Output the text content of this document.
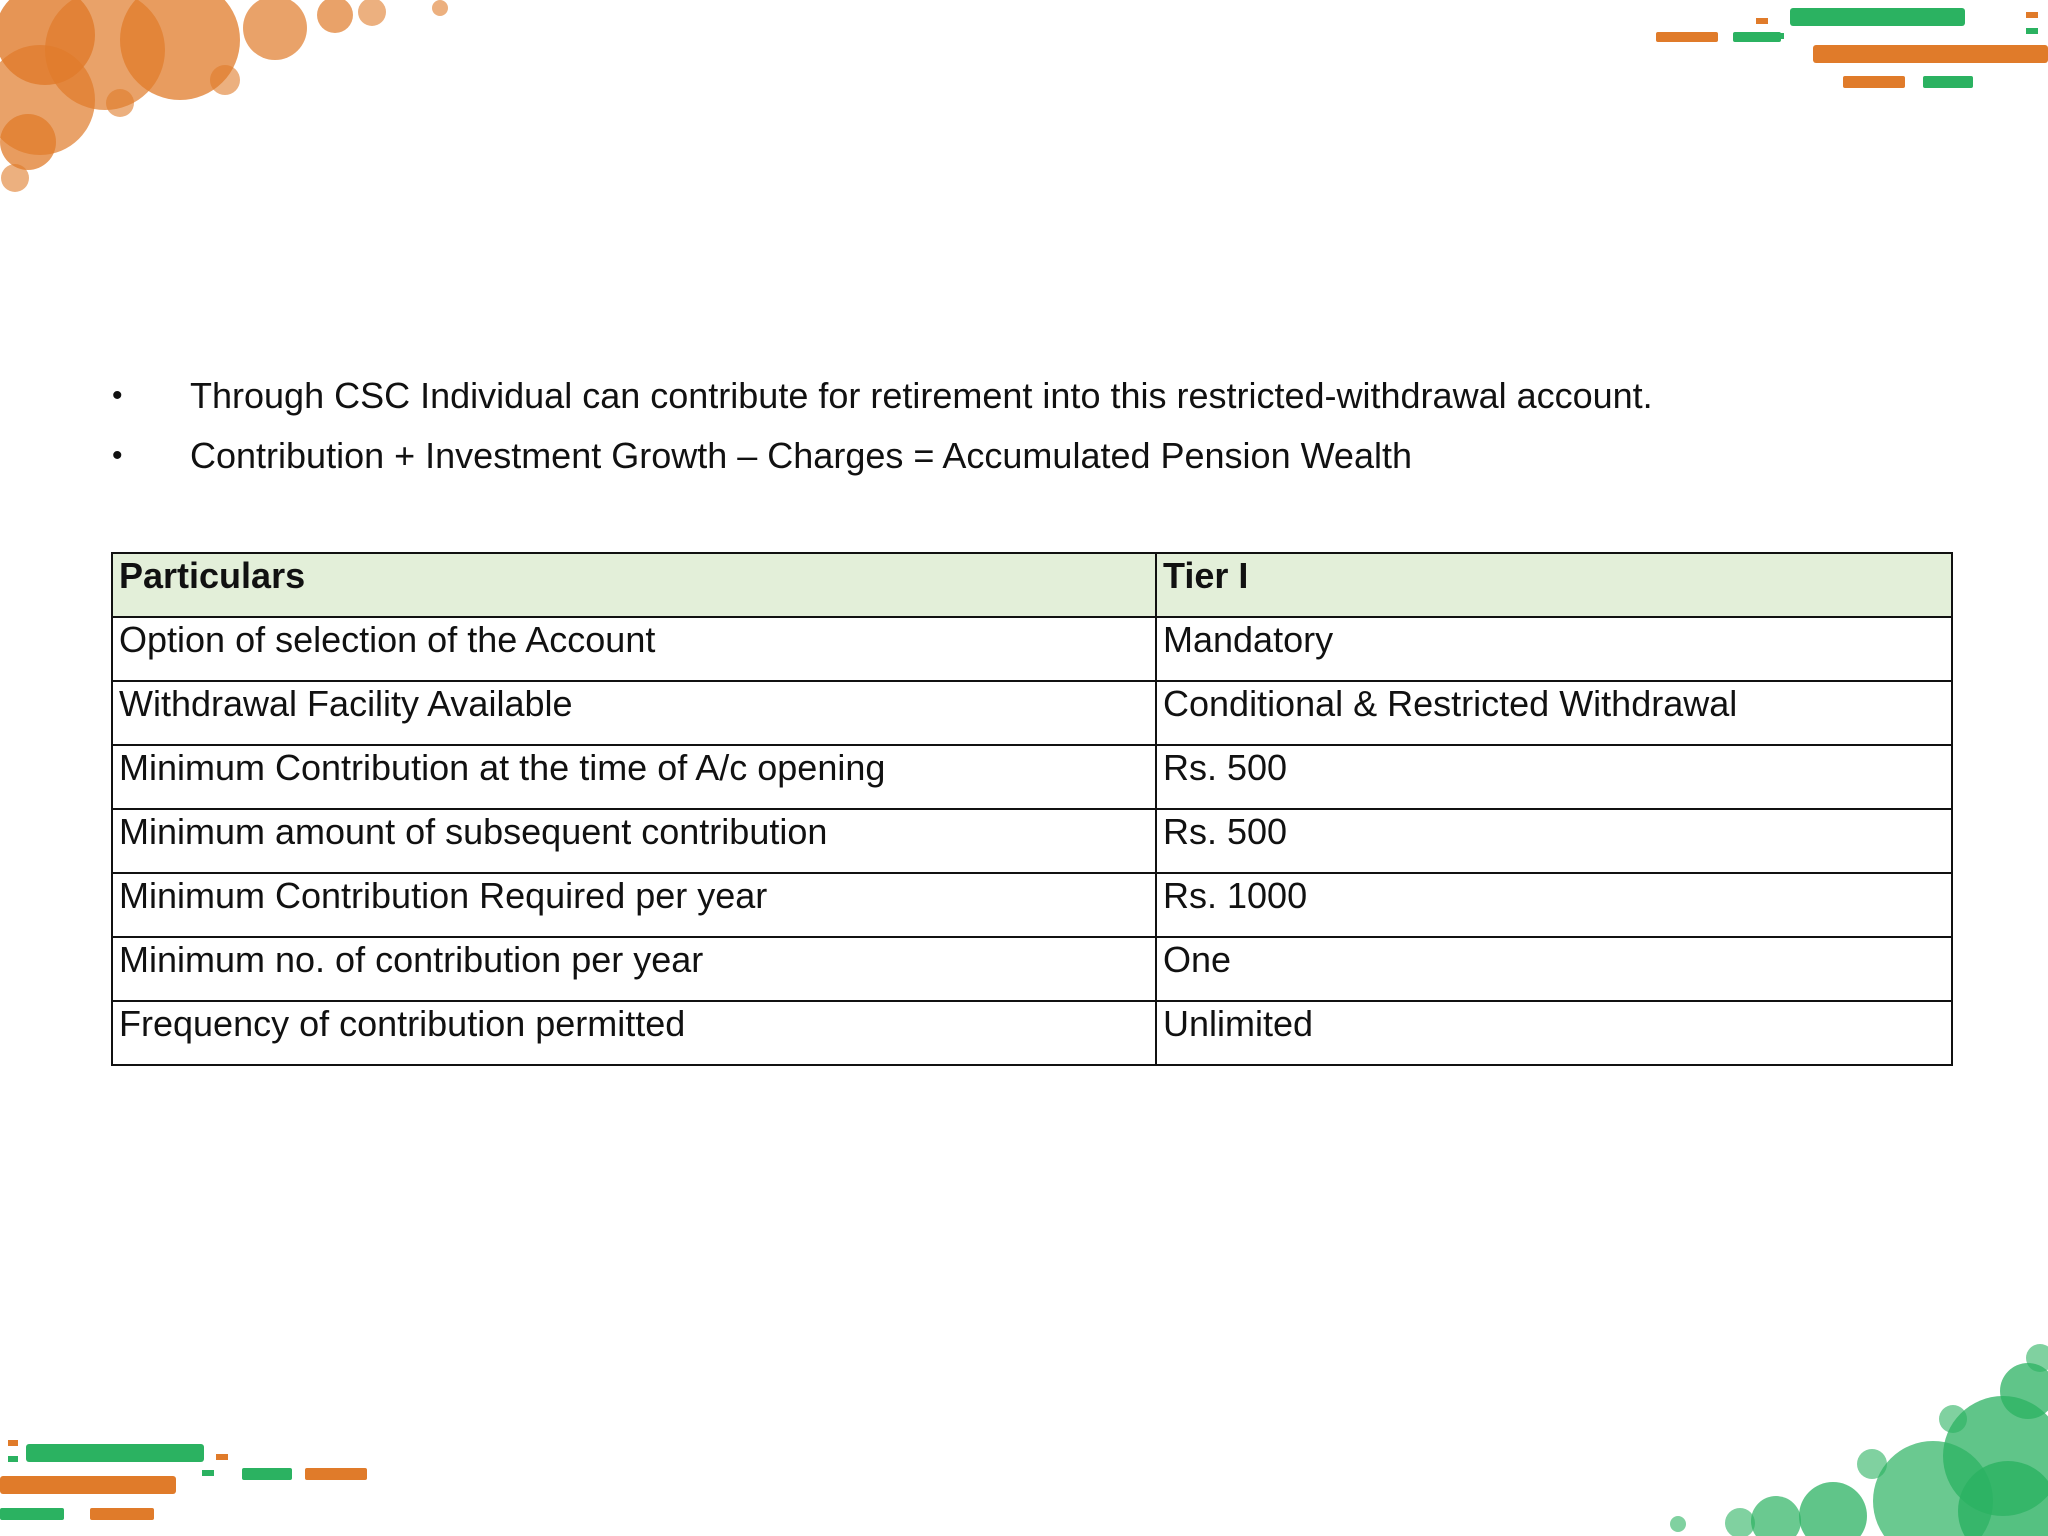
• Through CSC Individual can contribute for retirement into this restricted-withdrawal account.
• Contribution + Investment Growth – Charges = Accumulated Pension Wealth
Particulars	Tier I
Option of selection of the Account	Mandatory
Withdrawal Facility Available	Conditional & Restricted Withdrawal
Minimum Contribution at the time of A/c opening	Rs. 500
Minimum amount of subsequent contribution	Rs. 500
Minimum Contribution Required per year	Rs. 1000
Minimum no. of contribution per year	One
Frequency of contribution permitted	Unlimited
